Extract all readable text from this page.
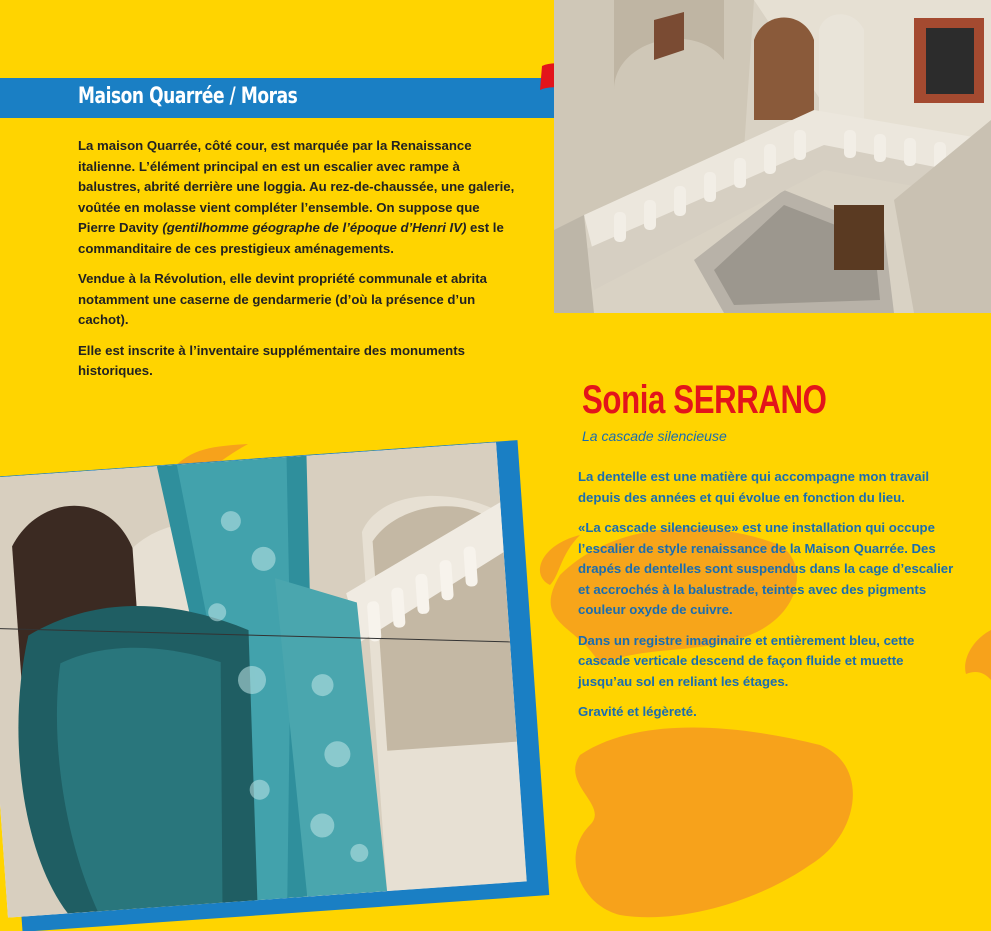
Maison Quarrée / Moras

La maison Quarrée, côté cour, est marquée par la Renaissance italienne. L’élément principal en est un escalier avec rampe à balustres, abrité derrière une loggia. Au rez-de-chaussée, une galerie, voûtée en molasse vient compléter l’ensemble. On suppose que Pierre Davity (gentilhomme géographe de l’époque d’Henri IV) est le commanditaire de ces prestigieux aménagements.

Vendue à la Révolution, elle devint propriété communale et abrita notamment une caserne de gendarmerie (d’où la présence d’un cachot).

Elle est inscrite à l’inventaire supplémentaire des monuments historiques.

Sonia SERRANO
La cascade silencieuse

La dentelle est une matière qui accompagne mon travail depuis des années et qui évolue en fonction du lieu.

«La cascade silencieuse» est une installation qui occupe l’escalier de style renaissance de la Maison Quarrée. Des drapés de dentelles sont suspendus dans la cage d’escalier et accrochés à la balustrade, teintes avec des pigments couleur oxyde de cuivre.

Dans un registre imaginaire et entièrement bleu, cette cascade verticale descend de façon fluide et muette jusqu’au sol en reliant les étages.

Gravité et légèreté.
